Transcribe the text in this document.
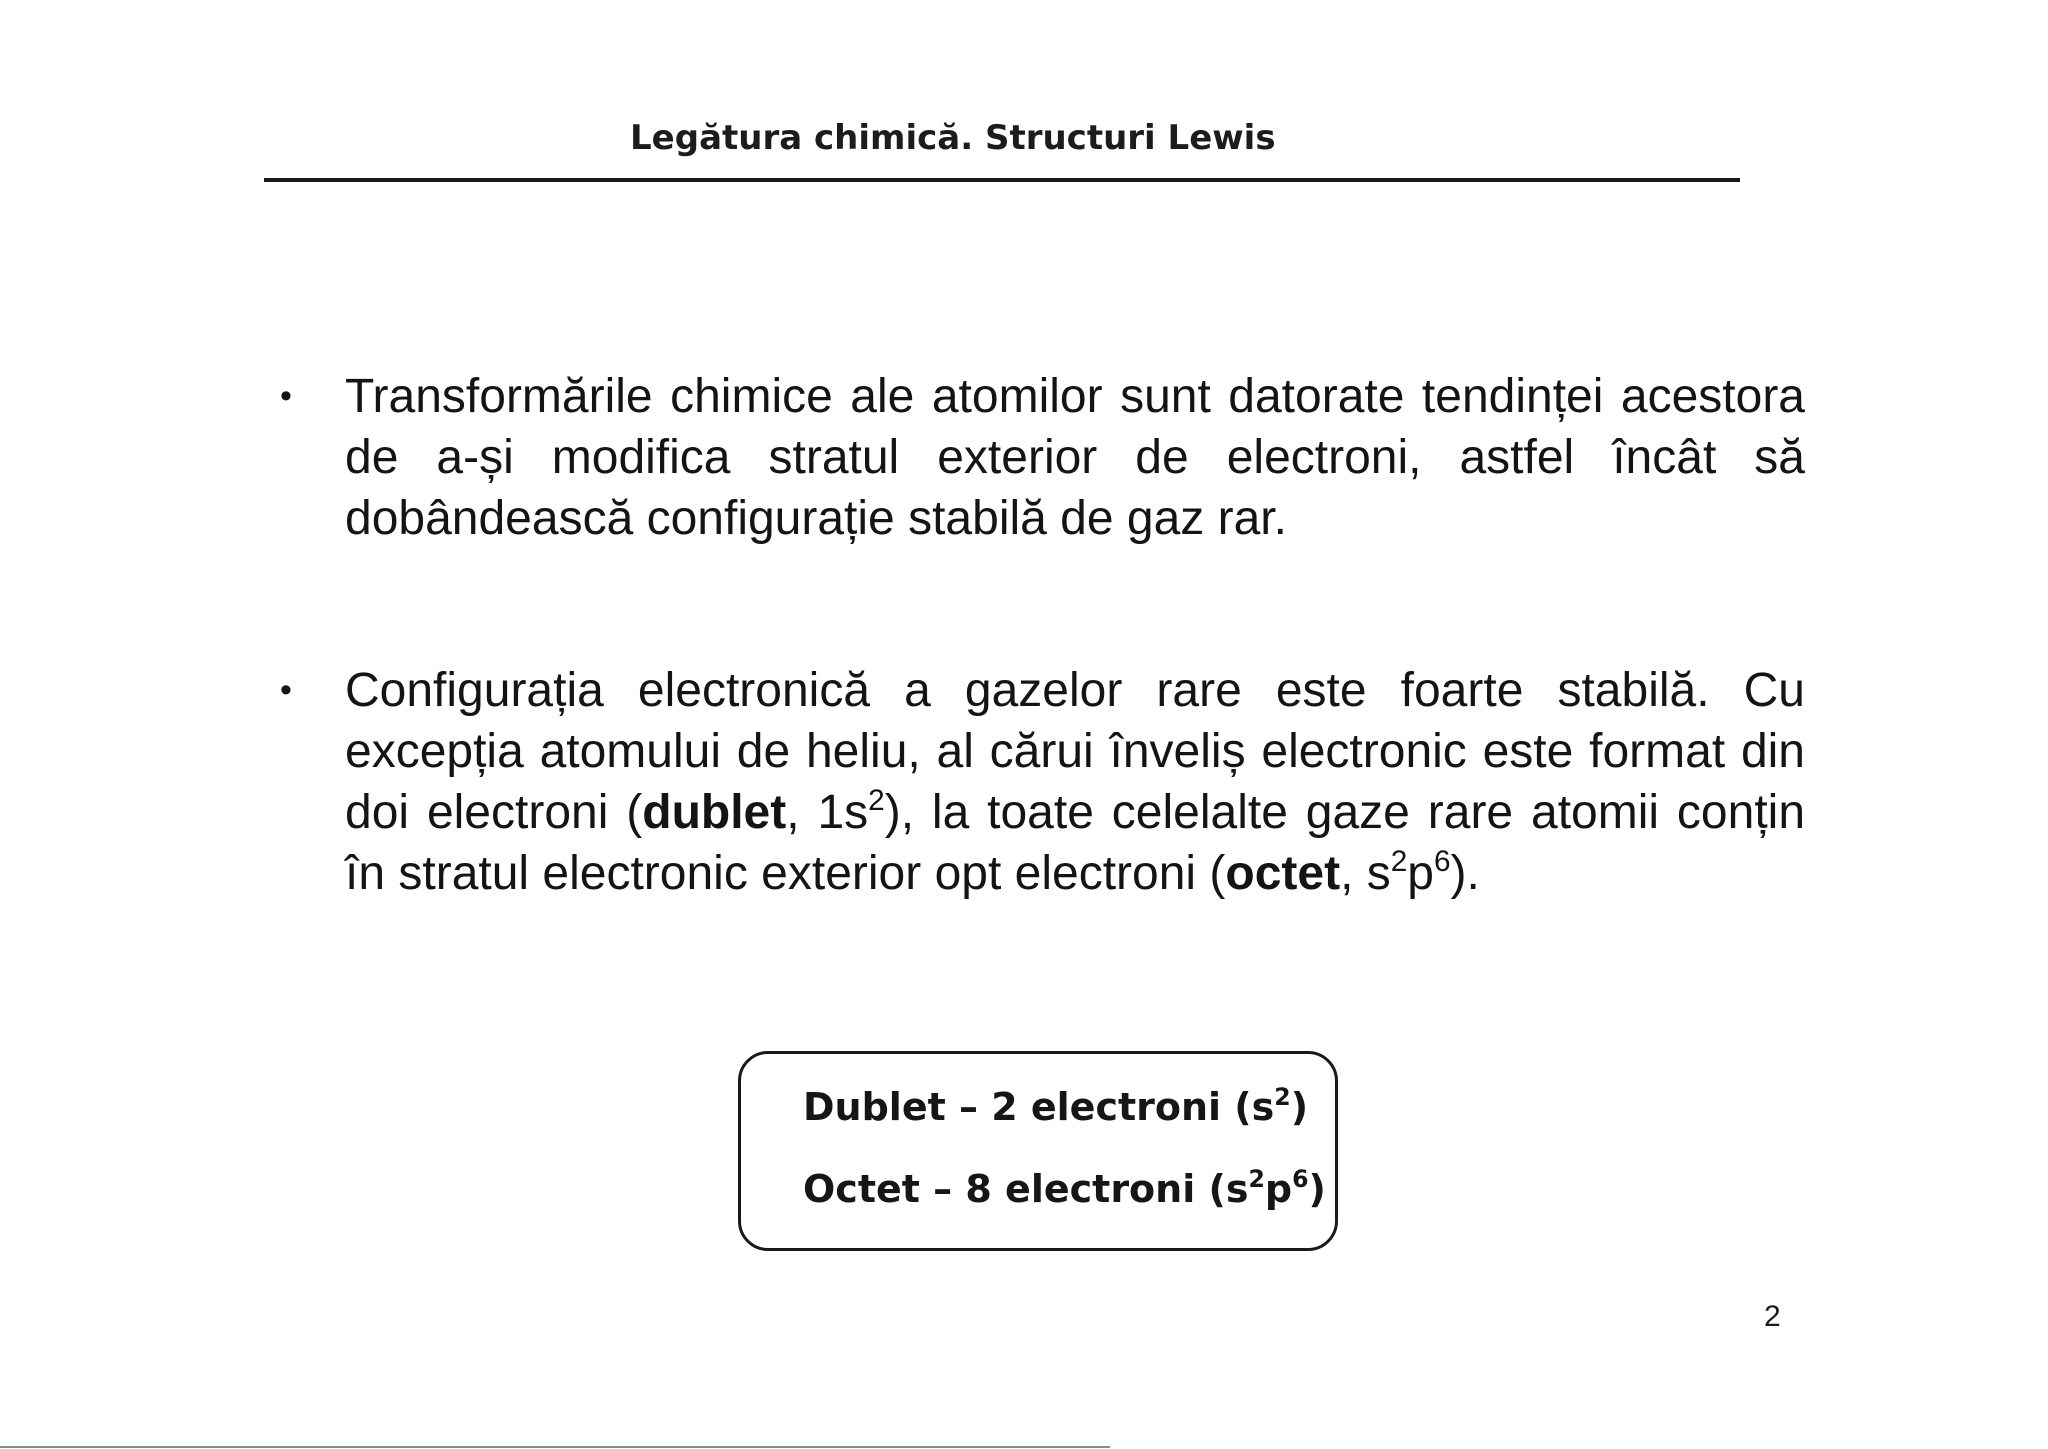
Legătura chimică. Structuri Lewis
• Transformările chimice ale atomilor sunt datorate tendinței acestora de a-și modifica stratul exterior de electroni, astfel încât să dobândească configurație stabilă de gaz rar.
• Configurația electronică a gazelor rare este foarte stabilă. Cu excepția atomului de heliu, al cărui înveliș electronic este format din doi electroni (dublet, $1s^2$), la toate celelalte gaze rare atomii conțin în stratul electronic exterior opt electroni (octet, $s^2p^6$).
Dublet – 2 electroni $(s^2)$
Octet – 8 electroni $(s^2p^6)$
2
